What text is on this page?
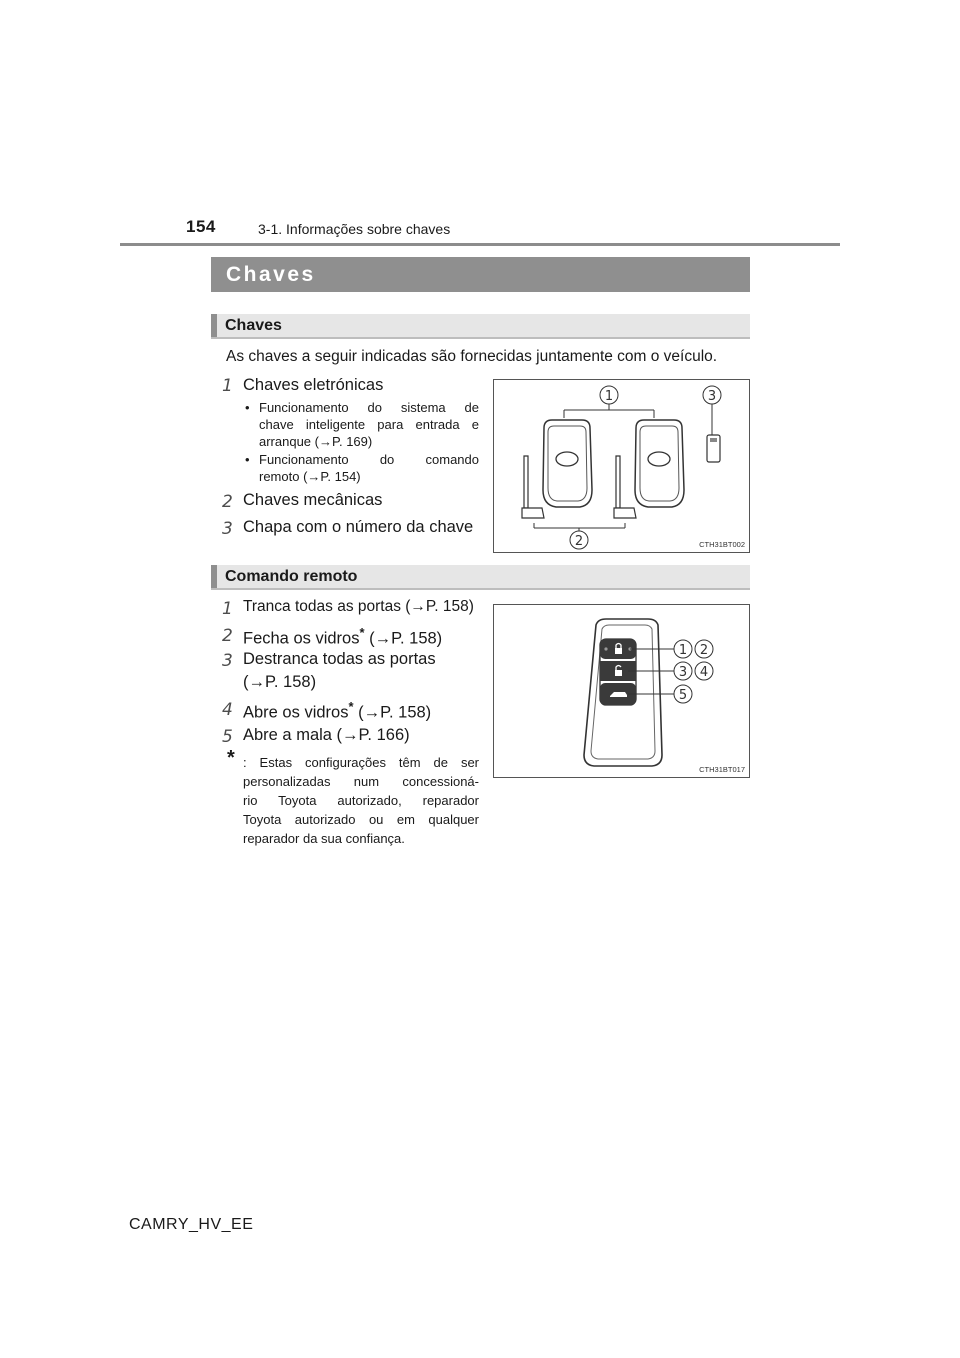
154	3-1. Informações sobre chaves
Chaves
Chaves
As chaves a seguir indicadas são fornecidas juntamente com o veículo.
1 Chaves eletrónicas
• Funcionamento do sistema de
chave inteligente para entrada e
arranque (→P. 169)
• Funcionamento do comando
remoto (→P. 154)
2 Chaves mecânicas
3 Chapa com o número da chave
1	3
2	CTH31BT002
Comando remoto
1 Tranca todas as portas (→P. 158)
2 Fecha os vidros* (→P. 158)
3 Destranca todas as portas
(→P. 158)
4 Abre os vidros* (→P. 158)
5 Abre a mala (→P. 166)
* : Estas configurações têm de ser
personalizadas num concessioná-
rio Toyota autorizado, reparador
Toyota autorizado ou em qualquer
reparador da sua confiança.
1 2
3 4
5
CTH31BT017
CAMRY_HV_EE
